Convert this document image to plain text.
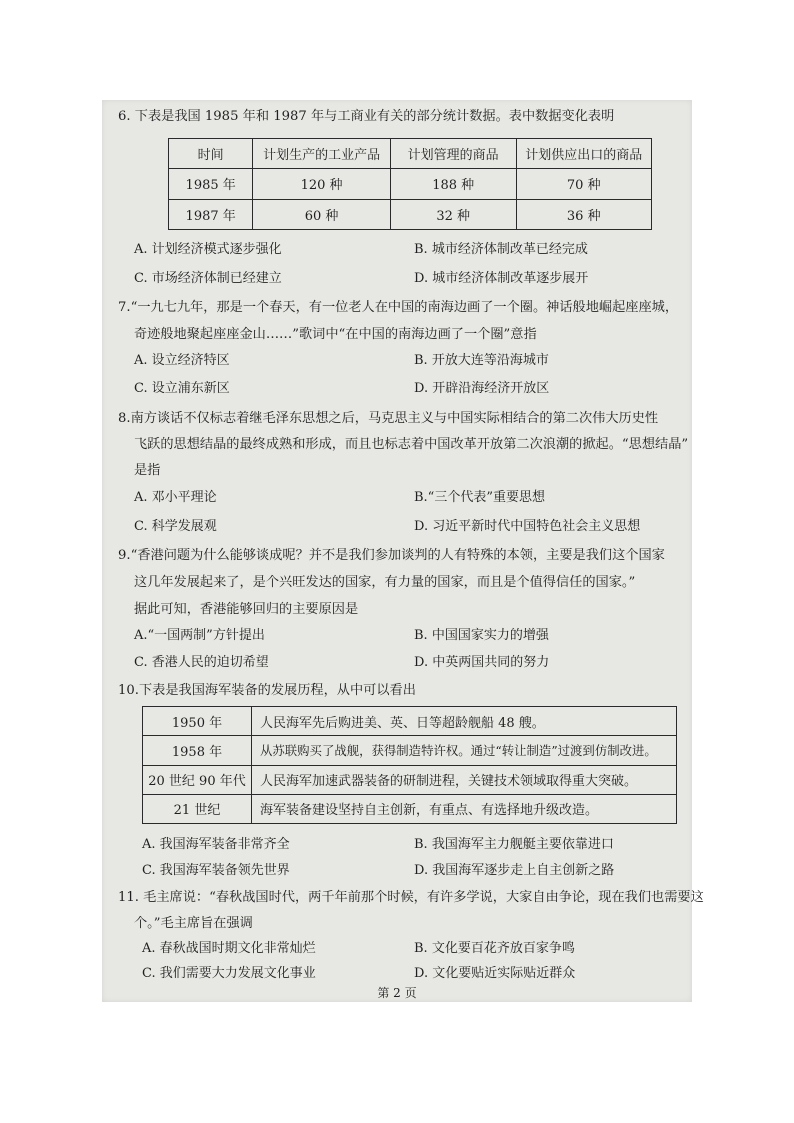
6. 下表是我国 1985 年和 1987 年与工商业有关的部分统计数据。表中数据变化表明
时间	计划生产的工业产品	计划管理的商品	计划供应出口的商品
1985 年	120 种	188 种	70 种
1987 年	60 种	32 种	36 种
A. 计划经济模式逐步强化	B. 城市经济体制改革已经完成
C. 市场经济体制已经建立	D. 城市经济体制改革逐步展开
7.“一九七九年，那是一个春天，有一位老人在中国的南海边画了一个圈。神话般地崛起座座城，
奇迹般地聚起座座金山……”歌词中“在中国的南海边画了一个圈”意指
A. 设立经济特区	B. 开放大连等沿海城市
C. 设立浦东新区	D. 开辟沿海经济开放区
8.南方谈话不仅标志着继毛泽东思想之后，马克思主义与中国实际相结合的第二次伟大历史性
飞跃的思想结晶的最终成熟和形成，而且也标志着中国改革开放第二次浪潮的掀起。“思想结晶”
是指
A. 邓小平理论	B.“三个代表”重要思想
C. 科学发展观	D. 习近平新时代中国特色社会主义思想
9.“香港问题为什么能够谈成呢？并不是我们参加谈判的人有特殊的本领，主要是我们这个国家
这几年发展起来了，是个兴旺发达的国家，有力量的国家，而且是个值得信任的国家。”
据此可知，香港能够回归的主要原因是
A.“一国两制”方针提出	B. 中国国家实力的增强
C. 香港人民的迫切希望	D. 中英两国共同的努力
10.下表是我国海军装备的发展历程，从中可以看出
1950 年	人民海军先后购进美、英、日等超龄舰船 48 艘。
1958 年	从苏联购买了战舰，获得制造特许权。通过“转让制造”过渡到仿制改进。
20 世纪 90 年代	人民海军加速武器装备的研制进程，关键技术领域取得重大突破。
21 世纪	海军装备建设坚持自主创新，有重点、有选择地升级改造。
A. 我国海军装备非常齐全	B. 我国海军主力舰艇主要依靠进口
C. 我国海军装备领先世界	D. 我国海军逐步走上自主创新之路
11. 毛主席说：“春秋战国时代，两千年前那个时候，有许多学说，大家自由争论，现在我们也需要这
个。”毛主席旨在强调
A. 春秋战国时期文化非常灿烂	B. 文化要百花齐放百家争鸣
C. 我们需要大力发展文化事业	D. 文化要贴近实际贴近群众
第 2 页
